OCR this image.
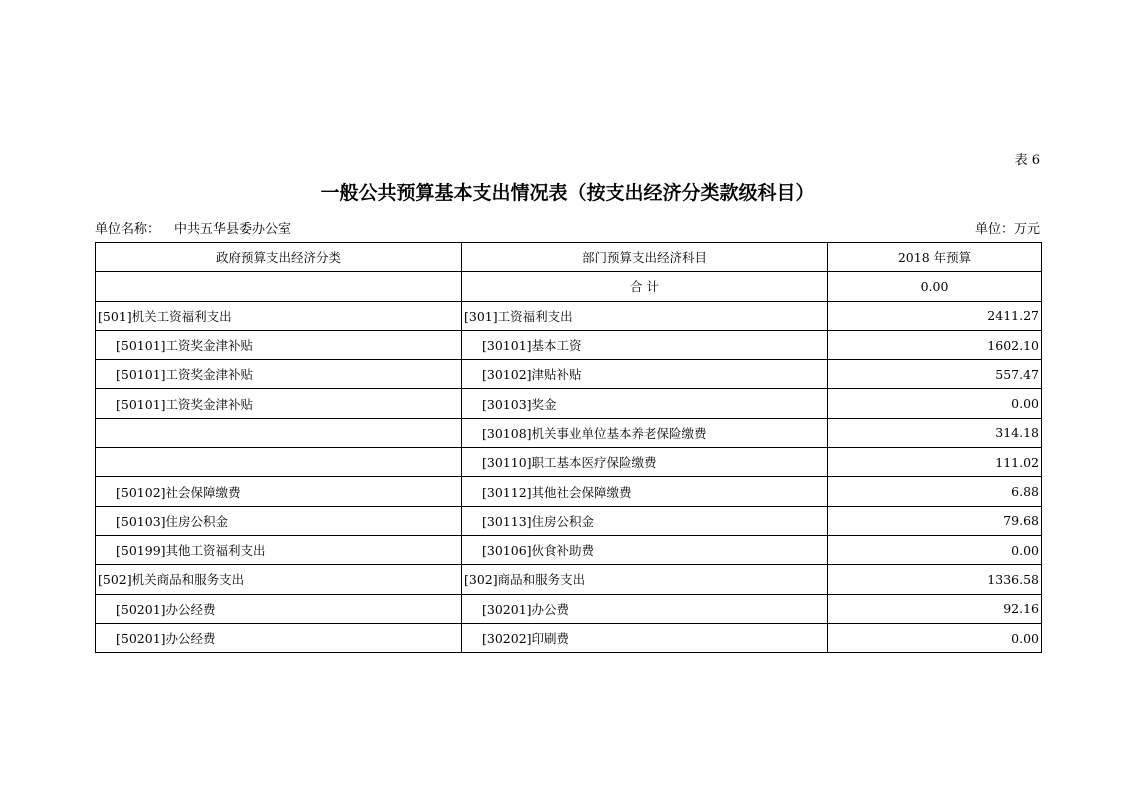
表 6
一般公共预算基本支出情况表（按支出经济分类款级科目）
单位名称： 中共五华县委办公室	单位：万元
政府预算支出经济分类	部门预算支出经济科目	2018 年预算
	合 计	0.00
[501]机关工资福利支出	[301]工资福利支出	2411.27
[50101]工资奖金津补贴	[30101]基本工资	1602.10
[50101]工资奖金津补贴	[30102]津贴补贴	557.47
[50101]工资奖金津补贴	[30103]奖金	0.00
	[30108]机关事业单位基本养老保险缴费	314.18
	[30110]职工基本医疗保险缴费	111.02
[50102]社会保障缴费	[30112]其他社会保障缴费	6.88
[50103]住房公积金	[30113]住房公积金	79.68
[50199]其他工资福利支出	[30106]伙食补助费	0.00
[502]机关商品和服务支出	[302]商品和服务支出	1336.58
[50201]办公经费	[30201]办公费	92.16
[50201]办公经费	[30202]印刷费	0.00
